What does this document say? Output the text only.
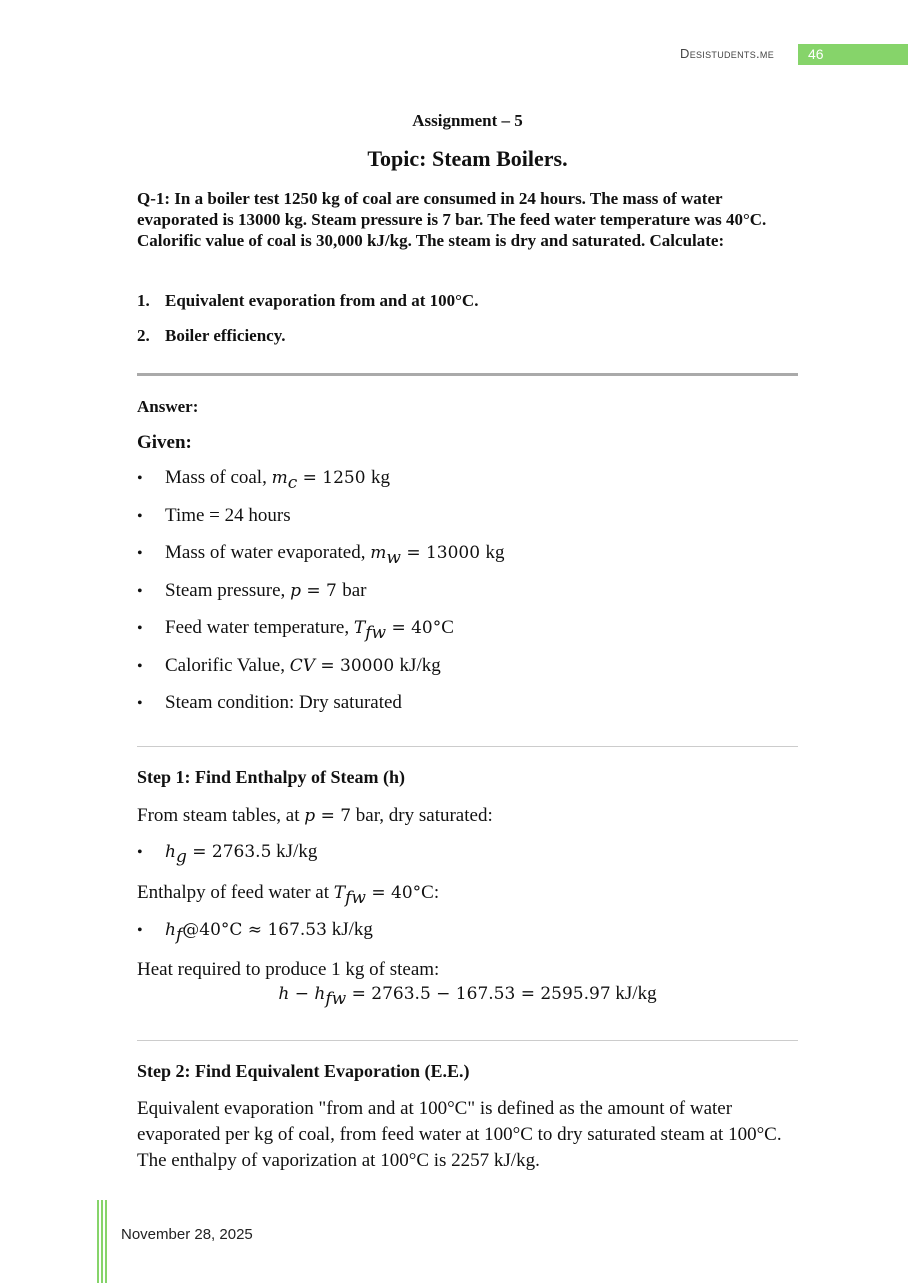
Desistudents.me	46
Assignment – 5
Topic: Steam Boilers.
Q-1: In a boiler test 1250 kg of coal are consumed in 24 hours. The mass of water evaporated is 13000 kg. Steam pressure is 7 bar. The feed water temperature was 40°C. Calorific value of coal is 30,000 kJ/kg. The steam is dry and saturated. Calculate:
1. Equivalent evaporation from and at 100°C.
2. Boiler efficiency.
Answer:
Given:
• Mass of coal, $m_c = 1250$ kg
• Time = 24 hours
• Mass of water evaporated, $m_w = 13000$ kg
• Steam pressure, p = 7 bar
• Feed water temperature, $T_{fw} = 40^\circ C$
• Calorific Value, CV = 30000 kJ/kg
• Steam condition: Dry saturated
Step 1: Find Enthalpy of Steam (h)
From steam tables, at p = 7 bar, dry saturated:
• $h_g = 2763.5$ kJ/kg
Enthalpy of feed water at $T_{fw} = 40^\circ C$:
• $h_f@40^\circ C \approx 167.53$ kJ/kg
Heat required to produce 1 kg of steam:
$h - h_{fw} = 2763.5 - 167.53 = 2595.97$ kJ/kg
Step 2: Find Equivalent Evaporation (E.E.)
Equivalent evaporation "from and at 100°C" is defined as the amount of water evaporated per kg of coal, from feed water at 100°C to dry saturated steam at 100°C. The enthalpy of vaporization at 100°C is 2257 kJ/kg.
November 28, 2025
